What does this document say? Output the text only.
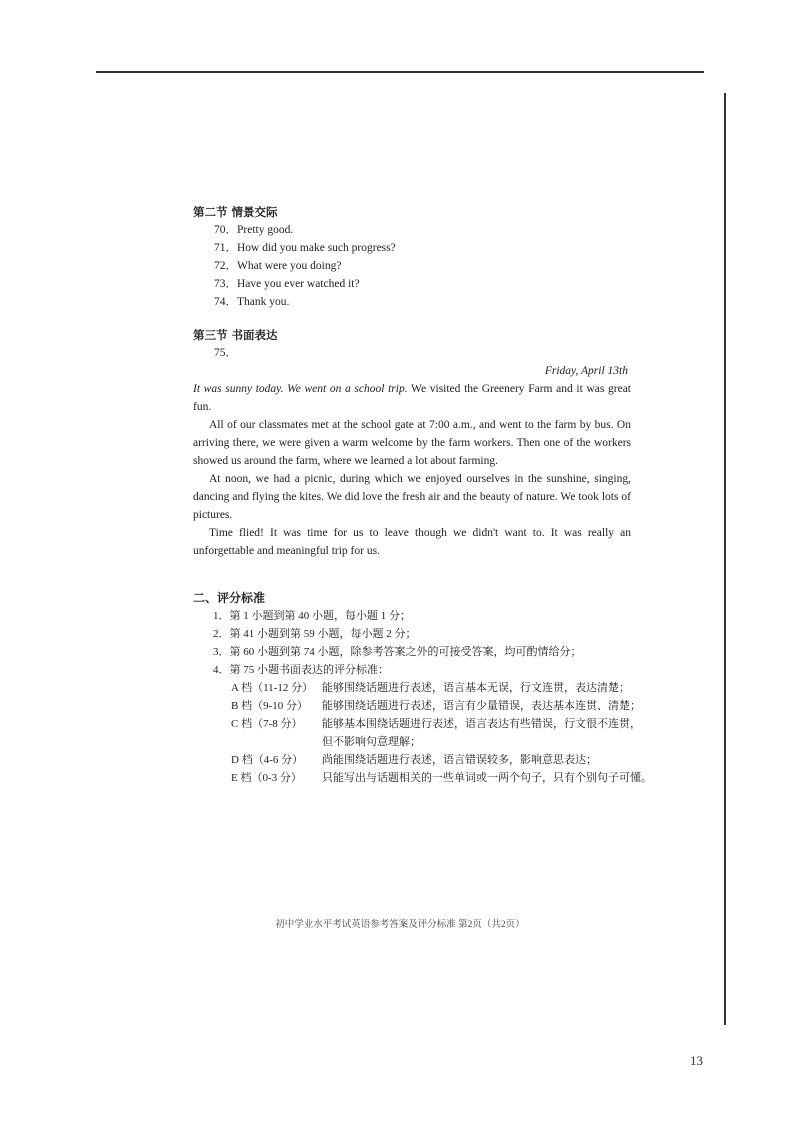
第二节 情景交际
70．Pretty good.
71．How did you make such progress?
72．What were you doing?
73．Have you ever watched it?
74．Thank you.
第三节 书面表达
75．
Friday, April 13th
It was sunny today. We went on a school trip. We visited the Greenery Farm and it was great fun.
All of our classmates met at the school gate at 7:00 a.m., and went to the farm by bus. On arriving there, we were given a warm welcome by the farm workers. Then one of the workers showed us around the farm, where we learned a lot about farming.
At noon, we had a picnic, during which we enjoyed ourselves in the sunshine, singing, dancing and flying the kites. We did love the fresh air and the beauty of nature. We took lots of pictures.
Time flied! It was time for us to leave though we didn't want to. It was really an unforgettable and meaningful trip for us.
二、评分标准
1．第 1 小题到第 40 小题，每小题 1 分；
2．第 41 小题到第 59 小题，每小题 2 分；
3．第 60 小题到第 74 小题，除参考答案之外的可接受答案，均可酌情给分；
4．第 75 小题书面表达的评分标准：
A 档（11-12 分） 能够围绕话题进行表述，语言基本无误，行文连贯，表达清楚；
B 档（9-10 分）	能够围绕话题进行表述，语言有少量错误，表达基本连贯、清楚；
C 档（7-8 分）	能够基本围绕话题进行表述，语言表达有些错误，行文很不连贯，
但不影响句意理解；
D 档（4-6 分）	尚能围绕话题进行表述，语言错误较多，影响意思表达；
E 档（0-3 分）	只能写出与话题相关的一些单词或一两个句子，只有个别句子可懂。
初中学业水平考试英语参考答案及评分标准 第2页（共2页）
13
